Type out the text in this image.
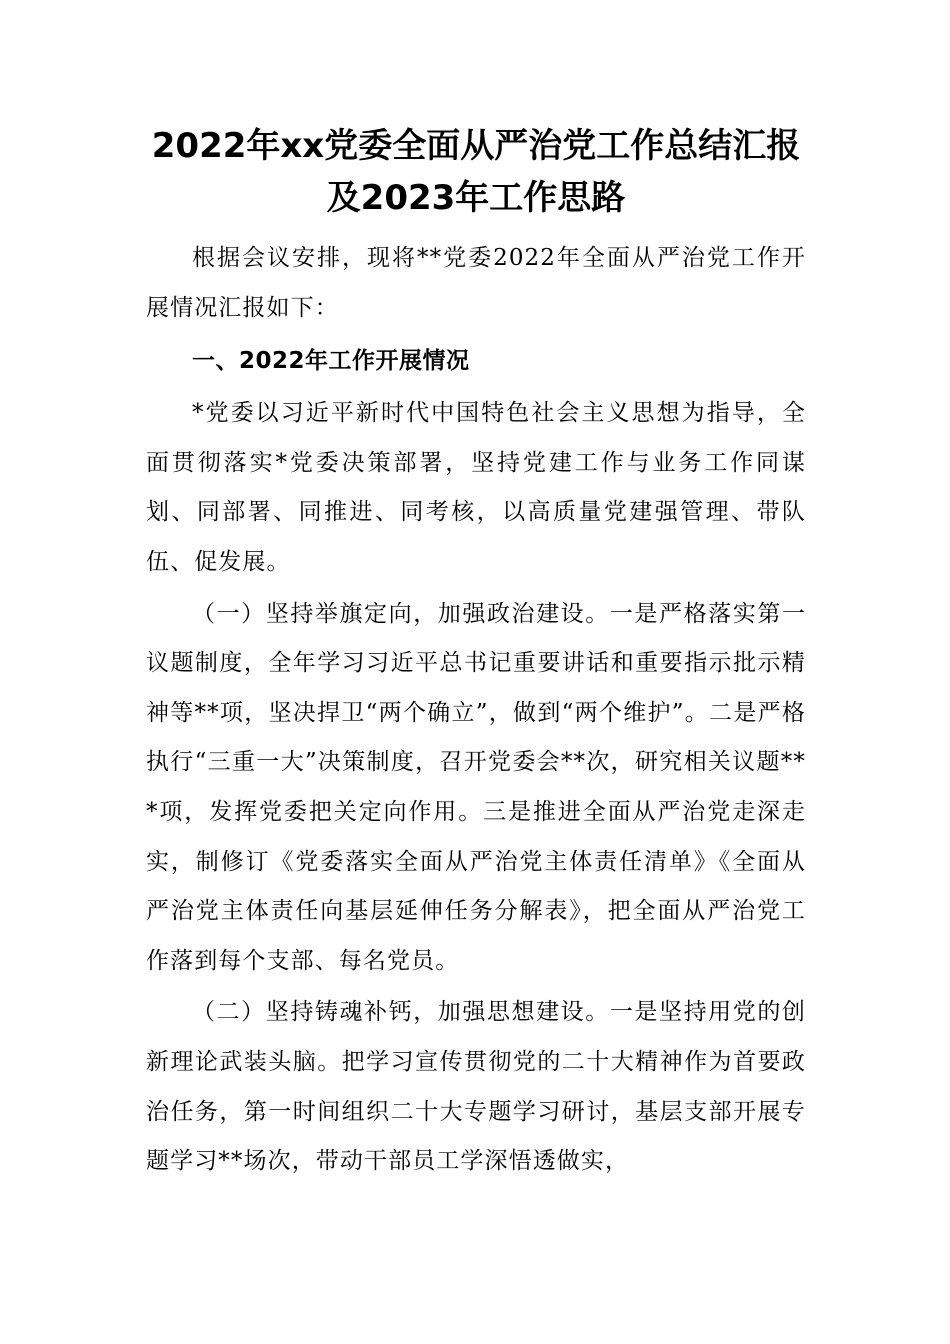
2022年xx党委全面从严治党工作总结汇报
及2023年工作思路

根据会议安排，现将**党委2022年全面从严治党工作开展情况汇报如下：

一、2022年工作开展情况

*党委以习近平新时代中国特色社会主义思想为指导，全面贯彻落实*党委决策部署，坚持党建工作与业务工作同谋划、同部署、同推进、同考核，以高质量党建强管理、带队伍、促发展。

（一）坚持举旗定向，加强政治建设。一是严格落实第一议题制度，全年学习习近平总书记重要讲话和重要指示批示精神等**项，坚决捍卫“两个确立”，做到“两个维护”。二是严格执行“三重一大”决策制度，召开党委会**次，研究相关议题***项，发挥党委把关定向作用。三是推进全面从严治党走深走实，制修订《党委落实全面从严治党主体责任清单》《全面从严治党主体责任向基层延伸任务分解表》，把全面从严治党工作落到每个支部、每名党员。

（二）坚持铸魂补钙，加强思想建设。一是坚持用党的创新理论武装头脑。把学习宣传贯彻党的二十大精神作为首要政治任务，第一时间组织二十大专题学习研讨，基层支部开展专题学习**场次，带动干部员工学深悟透做实，
